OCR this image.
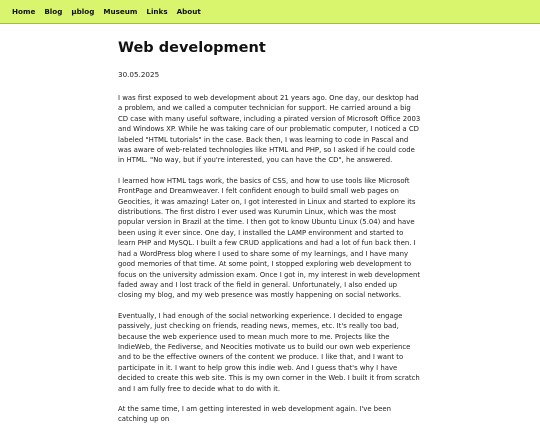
Home Blog µblog Museum Links About
Web development
30.05.2025

I was first exposed to web development about 21 years ago. One day, our desktop had a problem, and we called a computer technician for support. He carried around a big CD case with many useful software, including a pirated version of Microsoft Office 2003 and Windows XP. While he was taking care of our problematic computer, I noticed a CD labeled "HTML tutorials" in the case. Back then, I was learning to code in Pascal and was aware of web-related technologies like HTML and PHP, so I asked if he could code in HTML. "No way, but if you're interested, you can have the CD", he answered.

I learned how HTML tags work, the basics of CSS, and how to use tools like Microsoft FrontPage and Dreamweaver. I felt confident enough to build small web pages on Geocities, it was amazing! Later on, I got interested in Linux and started to explore its distributions. The first distro I ever used was Kurumin Linux, which was the most popular version in Brazil at the time. I then got to know Ubuntu Linux (5.04) and have been using it ever since. One day, I installed the LAMP environment and started to learn PHP and MySQL. I built a few CRUD applications and had a lot of fun back then. I had a WordPress blog where I used to share some of my learnings, and I have many good memories of that time. At some point, I stopped exploring web development to focus on the university admission exam. Once I got in, my interest in web development faded away and I lost track of the field in general. Unfortunately, I also ended up closing my blog, and my web presence was mostly happening on social networks.

Eventually, I had enough of the social networking experience. I decided to engage passively, just checking on friends, reading news, memes, etc. It's really too bad, because the web experience used to mean much more to me. Projects like the IndieWeb, the Fediverse, and Neocities motivate us to build our own web experience and to be the effective owners of the content we produce. I like that, and I want to participate in it. I want to help grow this indie web. And I guess that's why I have decided to create this web site. This is my own corner in the Web. I built it from scratch and I am fully free to decide what to do with it.

At the same time, I am getting interested in web development again. I've been catching up on
